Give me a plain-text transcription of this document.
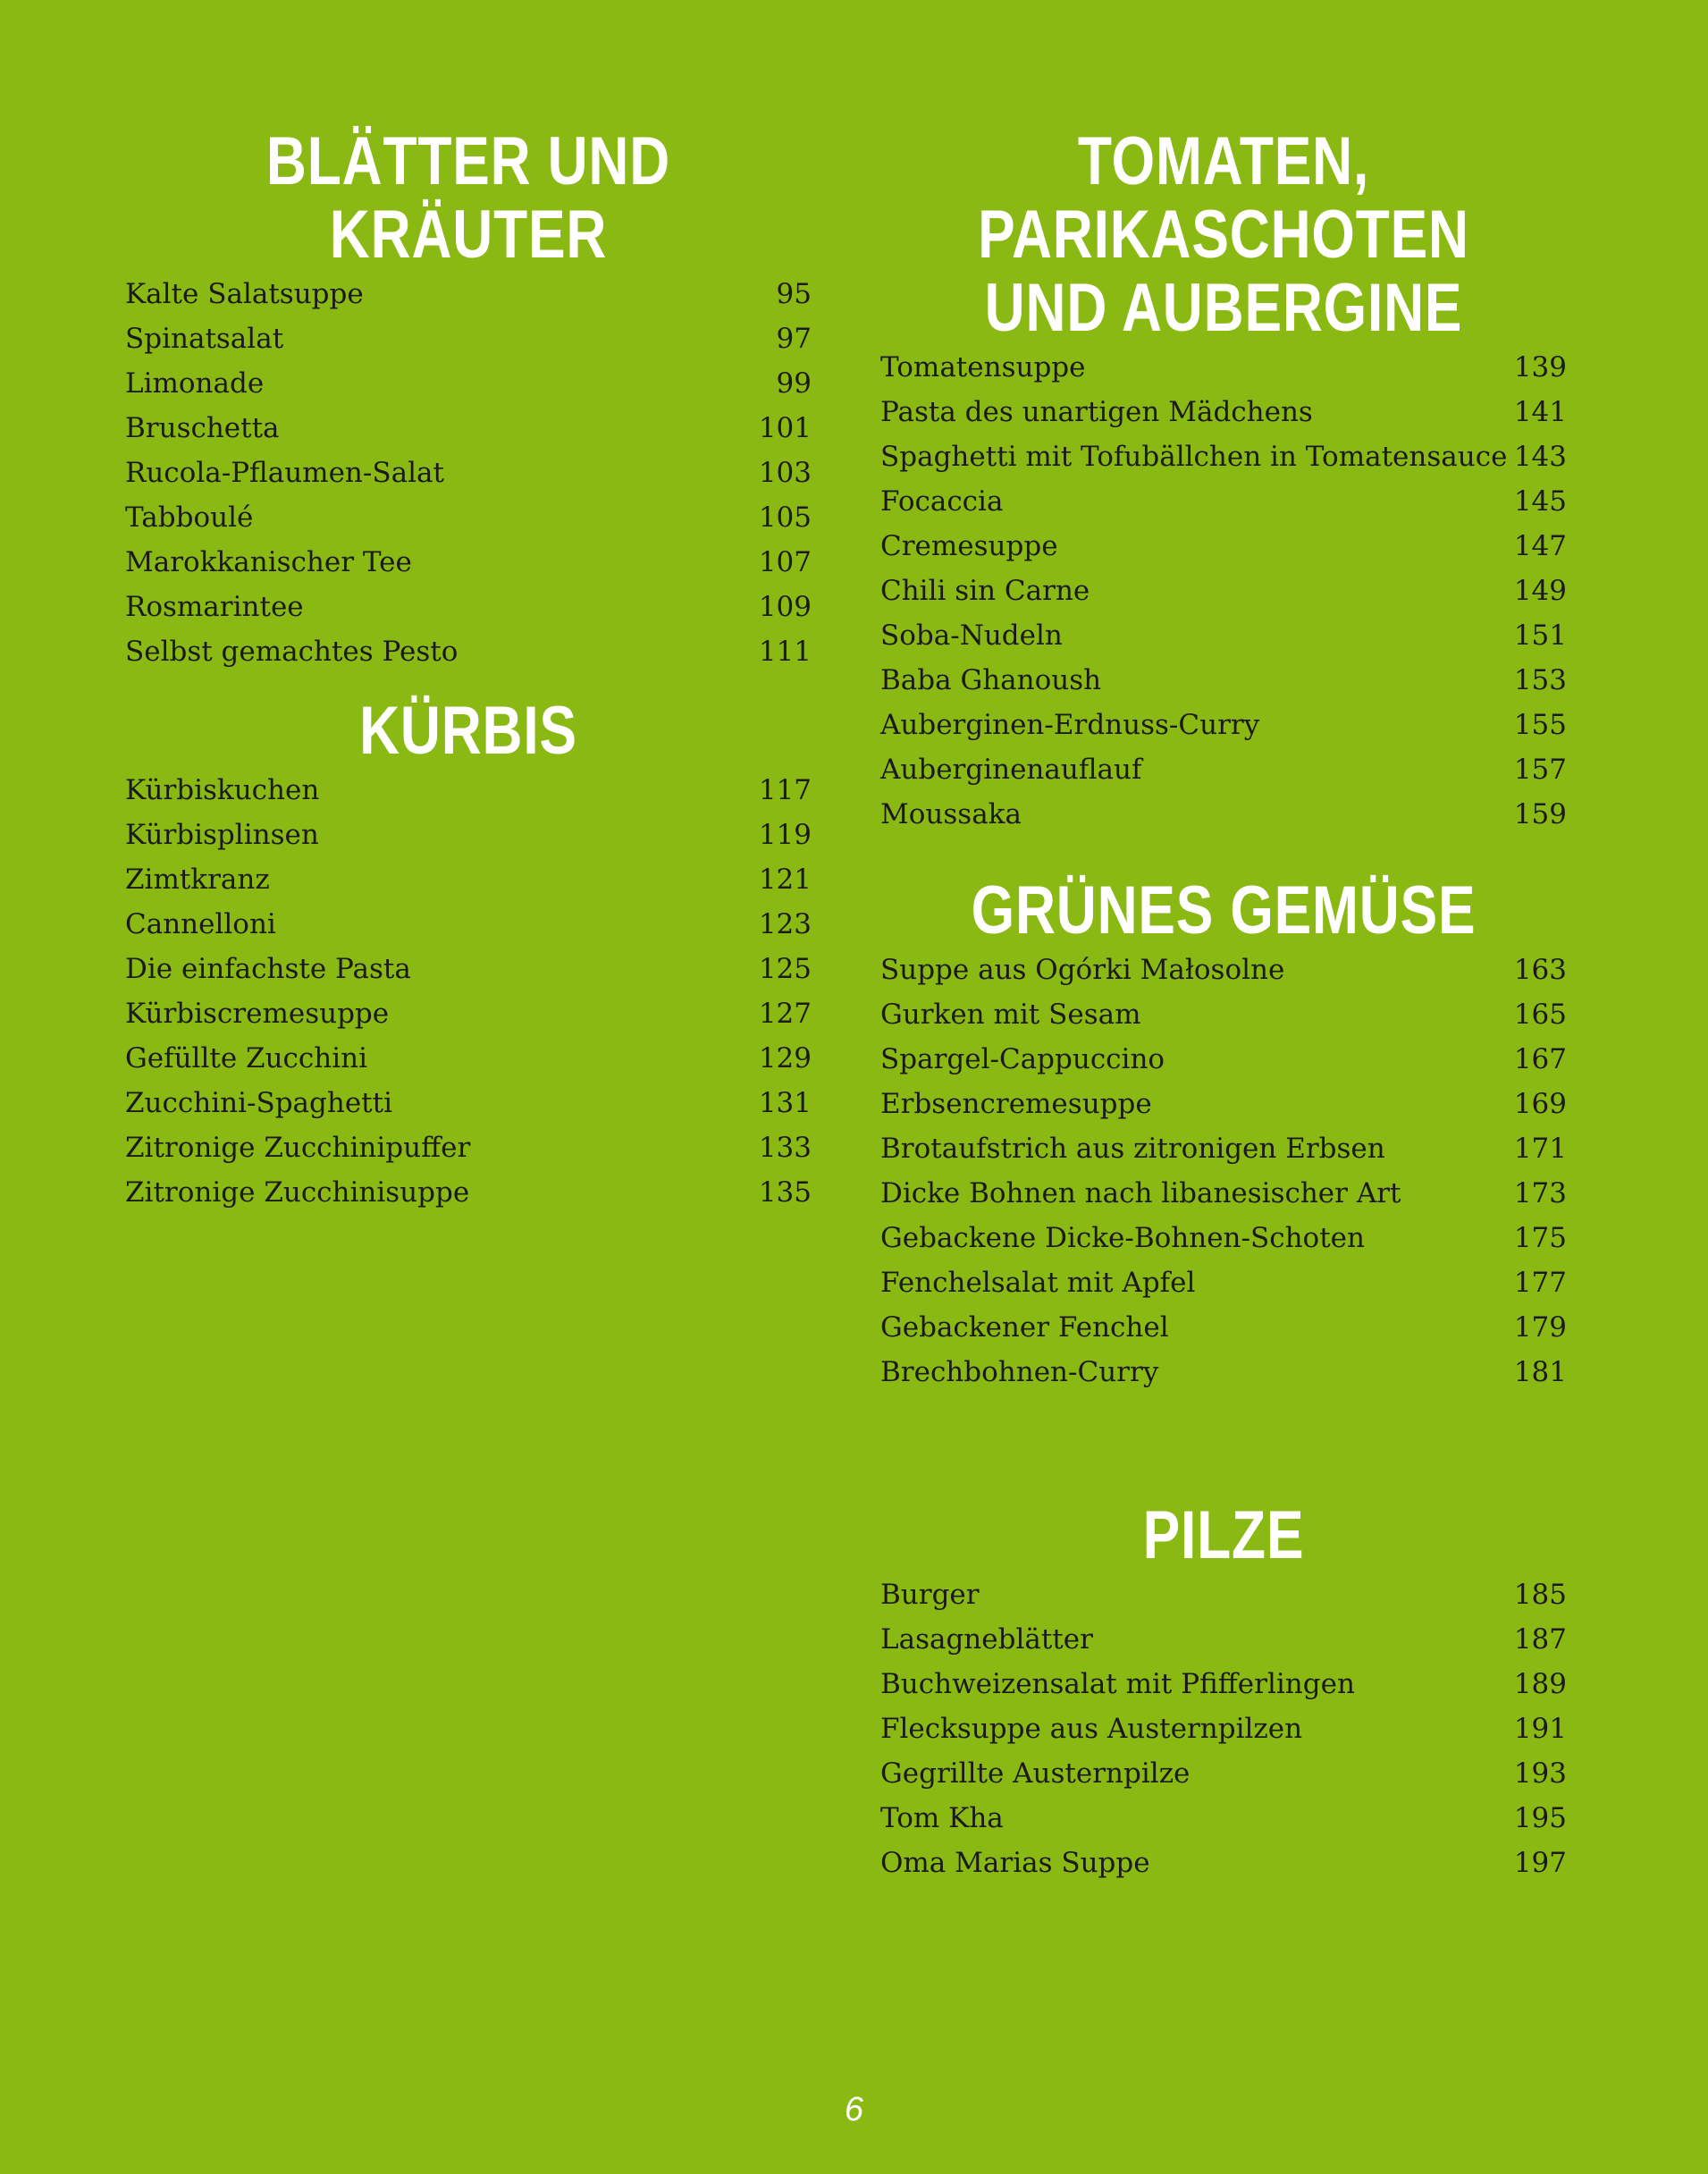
BLÄTTER UND KRÄUTER
Kalte Salatsuppe	95
Spinatsalat	97
Limonade	99
Bruschetta	101
Rucola-Pflaumen-Salat	103
Tabboulé	105
Marokkanischer Tee	107
Rosmarintee	109
Selbst gemachtes Pesto	111
KÜRBIS
Kürbiskuchen	117
Kürbisplinsen	119
Zimtkranz	121
Cannelloni	123
Die einfachste Pasta	125
Kürbiscremesuppe	127
Gefüllte Zucchini	129
Zucchini-Spaghetti	131
Zitronige Zucchinipuffer	133
Zitronige Zucchinisuppe	135
TOMATEN, PARIKASCHOTEN
UND AUBERGINE
Tomatensuppe	139
Pasta des unartigen Mädchens	141
Spaghetti mit Tofubällchen in Tomatensauce 143
Focaccia	145
Cremesuppe	147
Chili sin Carne	149
Soba-Nudeln	151
Baba Ghanoush	153
Auberginen-Erdnuss-Curry	155
Auberginenauflauf	157
Moussaka	159
GRÜNES GEMÜSE
Suppe aus Ogórki Małosolne	163
Gurken mit Sesam	165
Spargel-Cappuccino	167
Erbsencremesuppe	169
Brotaufstrich aus zitronigen Erbsen	171
Dicke Bohnen nach libanesischer Art	173
Gebackene Dicke-Bohnen-Schoten	175
Fenchelsalat mit Apfel	177
Gebackener Fenchel	179
Brechbohnen-Curry	181
PILZE
Burger	185
Lasagneblätter	187
Buchweizensalat mit Pfifferlingen	189
Flecksuppe aus Austernpilzen	191
Gegrillte Austernpilze	193
Tom Kha	195
Oma Marias Suppe	197
6
